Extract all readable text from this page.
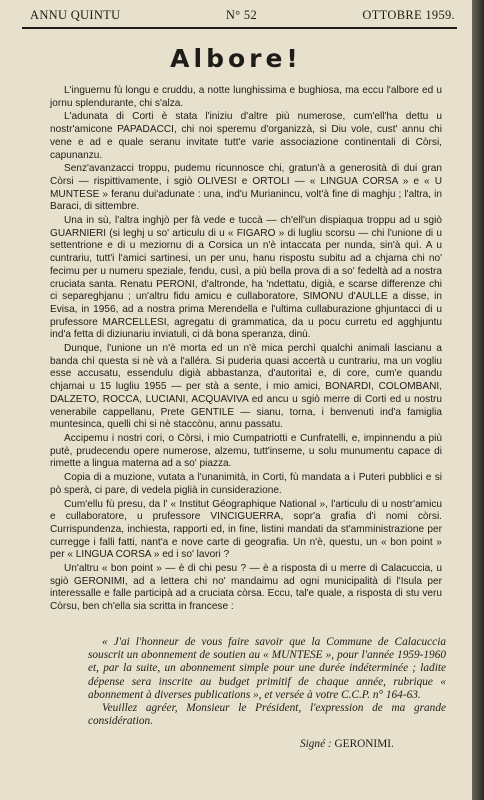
ANNU QUINTU	N° 52	OTTOBRE 1959.
Albore!

L'inguernu fù longu e cruddu, a notte lunghissima e bughiosa, ma eccu l'albore ed u jornu splendurante, chi s'alza.

L'adunata di Corti è stata l'iniziu d'altre più numerose, cum'ell'ha dettu u nostr'amicone PAPADACCI, chi noi speremu d'organizzà, si Diu vole, cust' annu chi vene e ad e quale seranu invitate tutt'e varie associazione continentali di Còrsi, capunanzu.

Senz'avanzacci troppu, pudemu ricunnosce chi, gratun'à a generosità di dui gran Còrsi — rispittivamente, i sgiò OLIVESI e ORTOLI — « LINGUA CORSA » e « U MUNTESE » feranu dui'adunate : una, ind'u Murianincu, volt'à fine di maghju ; l'altra, in Baraci, di sittembre.

Una in sù, l'altra inghjò per fà vede e tuccà — ch'ell'un dispiaqua troppu ad u sgiò GUARNIERI (si leghj u so' articulu di u « FIGARO » di lugliu scorsu — chi l'unione di u settentrione e di u meziornu di a Corsica un n'è intaccata per nunda, sin'à quì. A u cuntrariu, tutt'i l'amici sartinesi, un per unu, hanu rispostu subitu ad a chjama chi no' fecimu per u numeru speziale, fendu, cusì, a più bella prova di a so' fedeltà ad a nostra cruciata santa. Renatu PERONI, d'altronde, ha 'ndettatu, digià, e scarse differenze chi ci separeghjanu ; un'altru fidu amicu e cullaboratore, SIMONU d'AULLE a disse, in Evisa, in 1956, ad a nostra prima Merendella e l'ultima cullaburazione ghjuntacci di u prufessore MARCELLESI, agregatu di grammatica, da u pocu curretu ed agghjuntu ind'a fetta di diziunariu inviatuli, ci dà bona speranza, dinù.

Dunque, l'unione un n'è morta ed un n'è mica perchì qualchi animali lascianu a banda chì questa si nè và a l'alléra. Si puderia quasi accertà u cuntrariu, ma un vogliu esse accusatu, essendulu digià abbastanza, d'autoritaì e, di core, cum'e quandu chjamai u 15 lugliu 1955 — per stà a sente, i mio amici, BONARDI, COLOMBANI, DALZETO, ROCCA, LUCIANI, ACQUAVIVA ed ancu u sgiò merre di Corti ed u nostru venerabile cappellanu, Prete GENTILE — sianu, torna, i benvenuti ind'a famiglia muntesinca, quelli chi si nè staccònu, annu passatu.

Accipemu i nostri cori, o Còrsi, i mio Cumpatriotti e Cunfratelli, e, impinnendu a più putè, prudecendu opere numerose, alzemu, tutt'inseme, u solu munumentu capace di rimette a lingua materna ad a so' piazza.

Copia di a muzione, vutata a l'unanimità, in Corti, fù mandata a i Puteri pubblici e si pò sperà, ci pare, di vedela piglià in cunsiderazione.

Cum'ellu fù presu, da l' « Institut Géographique National », l'articulu di u nostr'amicu e cullaboratore, u prufessore VINCIGUERRA, sopr'a grafia d'i nomi còrsi. Currispundenza, inchiesta, rapporti ed, in fine, listini mandati da st'amministrazione per curregge i falli fatti, nant'a e nove carte di geografia. Un n'è, questu, un « bon point » per « LINGUA CORSA » ed i so' lavori ?

Un'altru « bon point » — è di chi pesu ? — è a risposta di u merre di Calacuccia, u sgiò GERONIMI, ad a lettera chi no' mandaimu ad ogni municipalità di l'Isula per interessalle e falle participà ad a cruciata còrsa. Eccu, tal'e quale, a risposta di stu veru Còrsu, ben ch'ella sia scritta in francese :

« J'ai l'honneur de vous faire savoir que la Commune de Calacuccia souscrit un abonnement de soutien au « MUNTESE », pour l'année 1959-1960 et, par la suite, un abonnement simple pour une durée indéterminée ; ladite dépense sera inscrite au budget primitif de chaque année, rubrique « abonnement à diverses publications », et versée à votre C.C.P. n° 164-63.

Veuillez agréer, Monsieur le Président, l'expression de ma grande considération.

Signé : GERONIMI.
